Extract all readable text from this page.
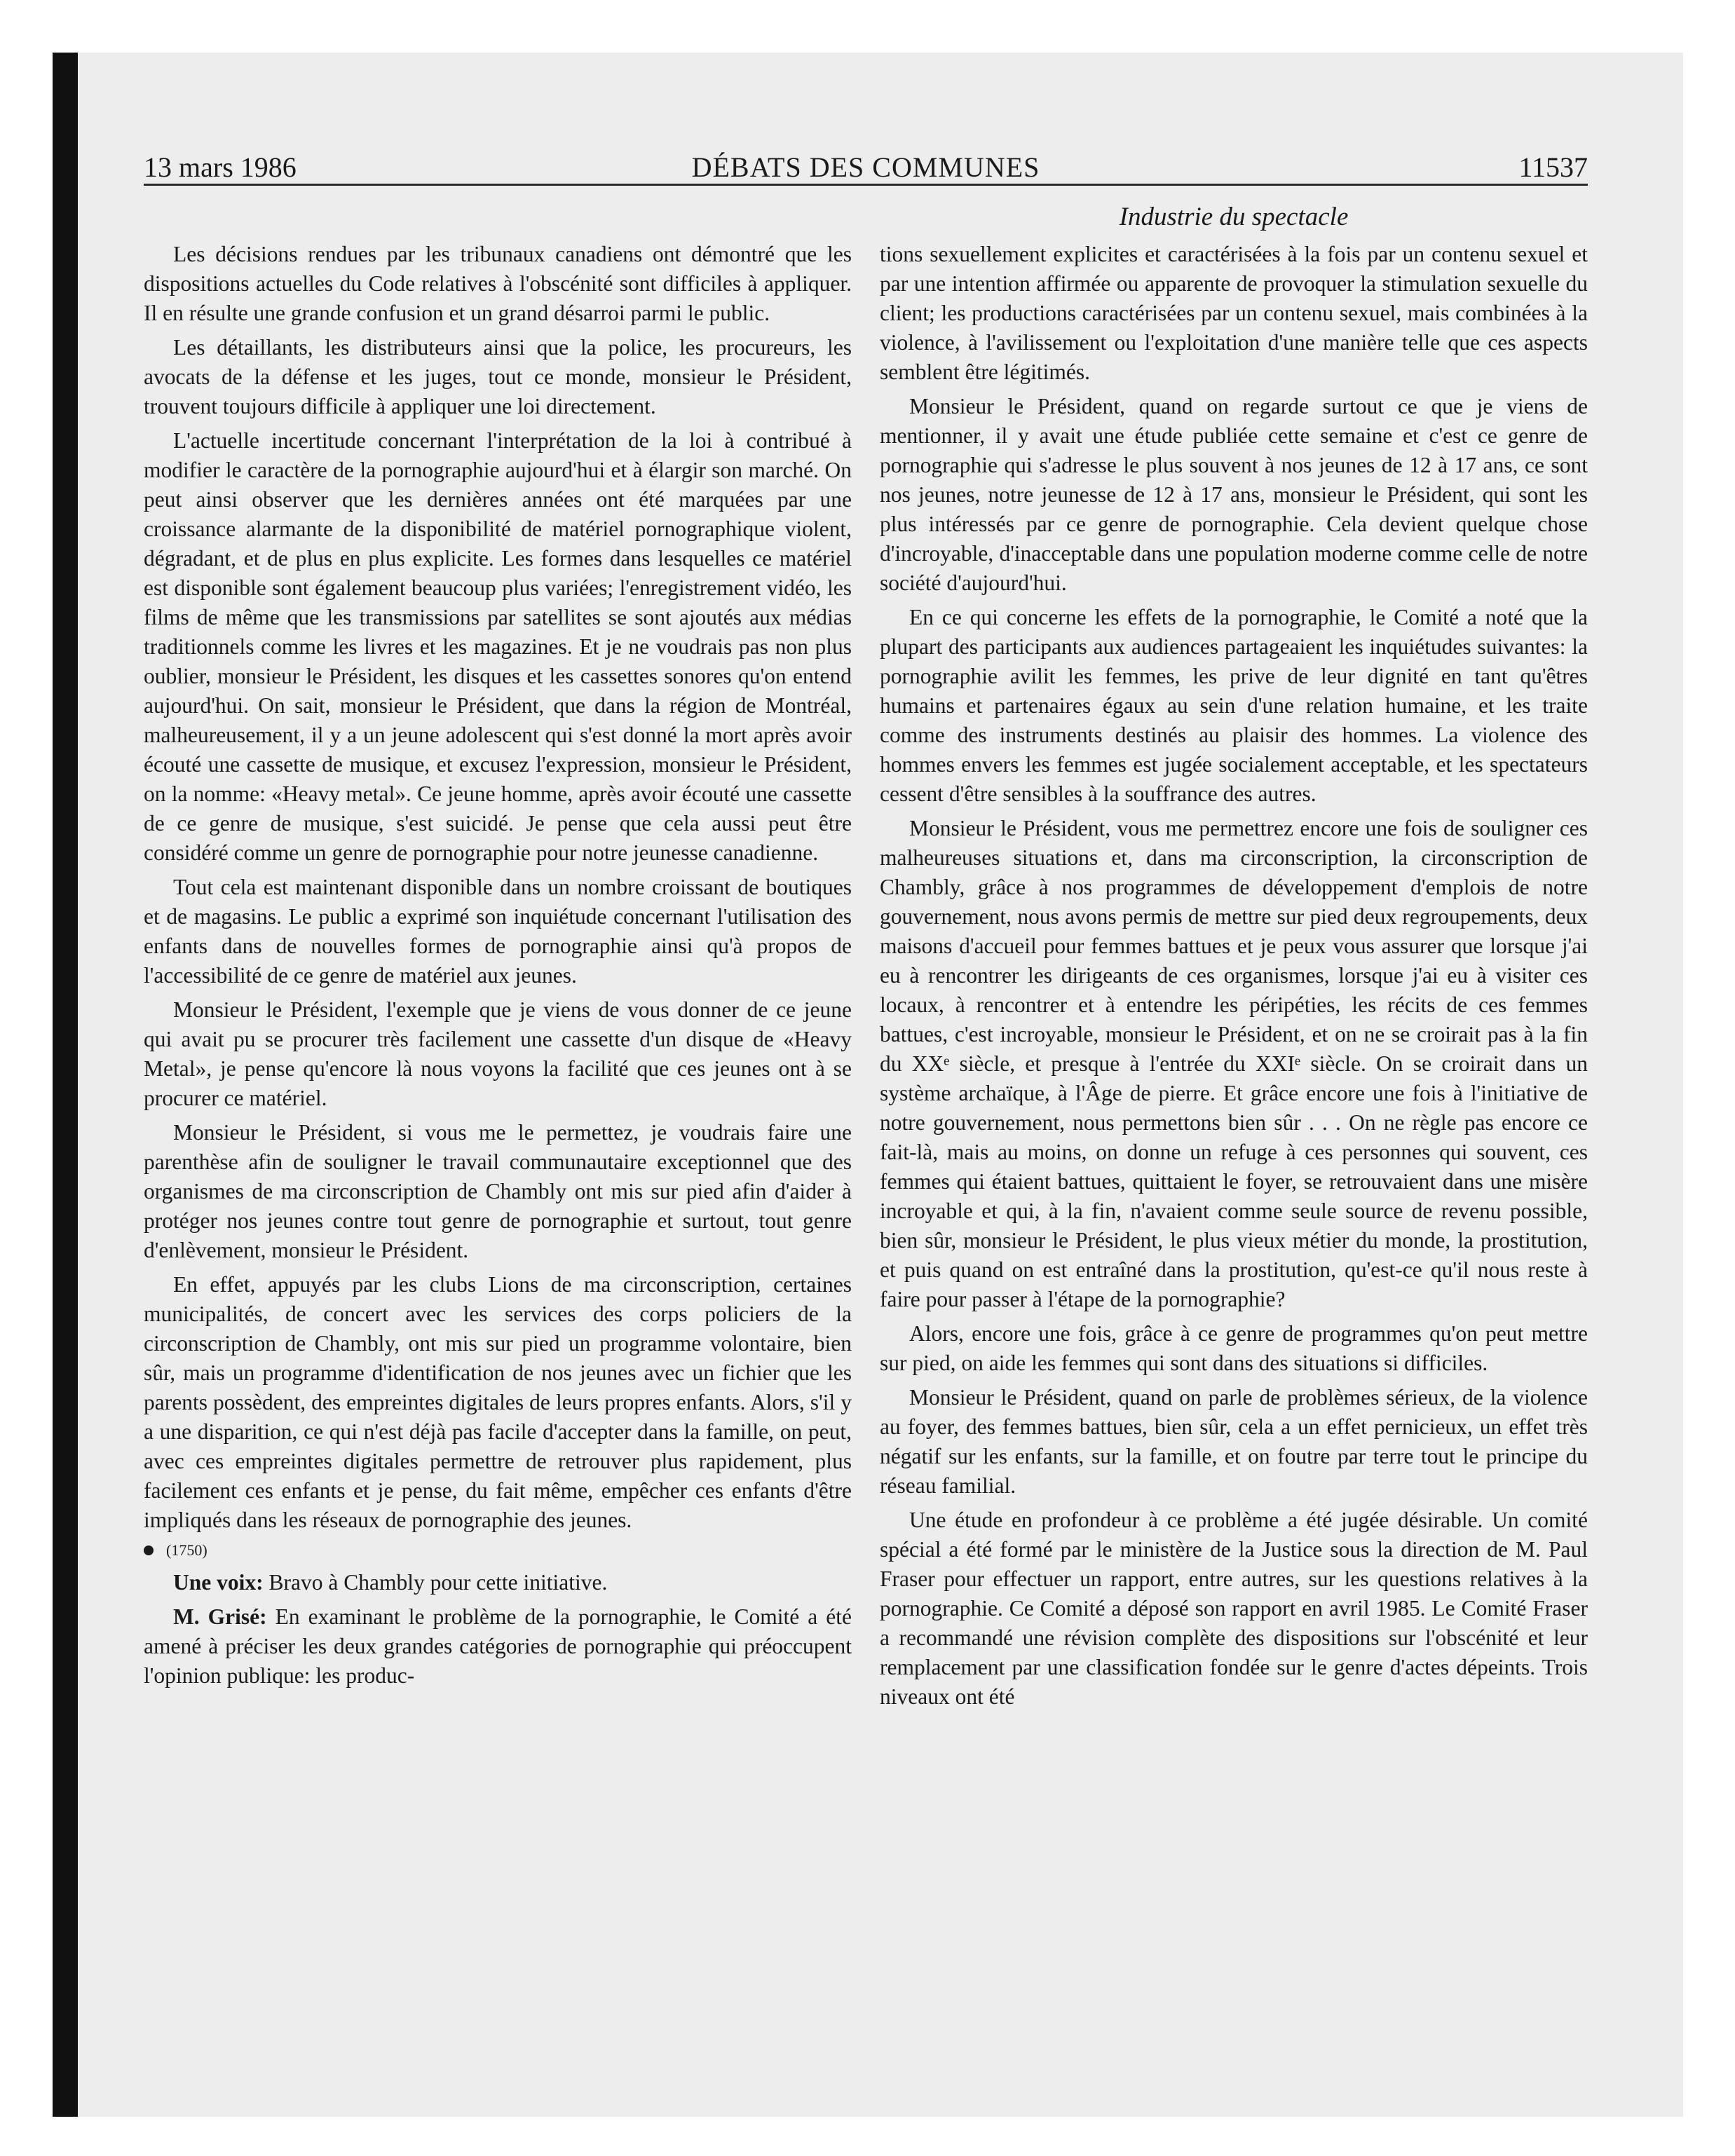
13 mars 1986	DÉBATS DES COMMUNES	11537
Industrie du spectacle

Les décisions rendues par les tribunaux canadiens ont démontré que les dispositions actuelles du Code relatives à l'obscénité sont difficiles à appliquer. Il en résulte une grande confusion et un grand désarroi parmi le public.

Les détaillants, les distributeurs ainsi que la police, les procureurs, les avocats de la défense et les juges, tout ce monde, monsieur le Président, trouvent toujours difficile à appliquer une loi directement.

L'actuelle incertitude concernant l'interprétation de la loi à contribué à modifier le caractère de la pornographie aujourd'hui et à élargir son marché. On peut ainsi observer que les dernières années ont été marquées par une croissance alarmante de la disponibilité de matériel pornographique violent, dégradant, et de plus en plus explicite. Les formes dans lesquelles ce matériel est disponible sont également beaucoup plus variées; l'enregistrement vidéo, les films de même que les transmissions par satellites se sont ajoutés aux médias traditionnels comme les livres et les magazines. Et je ne voudrais pas non plus oublier, monsieur le Président, les disques et les cassettes sonores qu'on entend aujourd'hui. On sait, monsieur le Président, que dans la région de Montréal, malheureusement, il y a un jeune adolescent qui s'est donné la mort après avoir écouté une cassette de musique, et excusez l'expression, monsieur le Président, on la nomme: «Heavy metal». Ce jeune homme, après avoir écouté une cassette de ce genre de musique, s'est suicidé. Je pense que cela aussi peut être considéré comme un genre de pornographie pour notre jeunesse canadienne.

Tout cela est maintenant disponible dans un nombre croissant de boutiques et de magasins. Le public a exprimé son inquiétude concernant l'utilisation des enfants dans de nouvelles formes de pornographie ainsi qu'à propos de l'accessibilité de ce genre de matériel aux jeunes.

Monsieur le Président, l'exemple que je viens de vous donner de ce jeune qui avait pu se procurer très facilement une cassette d'un disque de «Heavy Metal», je pense qu'encore là nous voyons la facilité que ces jeunes ont à se procurer ce matériel.

Monsieur le Président, si vous me le permettez, je voudrais faire une parenthèse afin de souligner le travail communautaire exceptionnel que des organismes de ma circonscription de Chambly ont mis sur pied afin d'aider à protéger nos jeunes contre tout genre de pornographie et surtout, tout genre d'enlèvement, monsieur le Président.

En effet, appuyés par les clubs Lions de ma circonscription, certaines municipalités, de concert avec les services des corps policiers de la circonscription de Chambly, ont mis sur pied un programme volontaire, bien sûr, mais un programme d'identification de nos jeunes avec un fichier que les parents possèdent, des empreintes digitales de leurs propres enfants. Alors, s'il y a une disparition, ce qui n'est déjà pas facile d'accepter dans la famille, on peut, avec ces empreintes digitales permettre de retrouver plus rapidement, plus facilement ces enfants et je pense, du fait même, empêcher ces enfants d'être impliqués dans les réseaux de pornographie des jeunes.

(1750)

Une voix: Bravo à Chambly pour cette initiative.

M. Grisé: En examinant le problème de la pornographie, le Comité a été amené à préciser les deux grandes catégories de pornographie qui préoccupent l'opinion publique: les produc-

tions sexuellement explicites et caractérisées à la fois par un contenu sexuel et par une intention affirmée ou apparente de provoquer la stimulation sexuelle du client; les productions caractérisées par un contenu sexuel, mais combinées à la violence, à l'avilissement ou l'exploitation d'une manière telle que ces aspects semblent être légitimés.

Monsieur le Président, quand on regarde surtout ce que je viens de mentionner, il y avait une étude publiée cette semaine et c'est ce genre de pornographie qui s'adresse le plus souvent à nos jeunes de 12 à 17 ans, ce sont nos jeunes, notre jeunesse de 12 à 17 ans, monsieur le Président, qui sont les plus intéressés par ce genre de pornographie. Cela devient quelque chose d'incroyable, d'inacceptable dans une population moderne comme celle de notre société d'aujourd'hui.

En ce qui concerne les effets de la pornographie, le Comité a noté que la plupart des participants aux audiences partageaient les inquiétudes suivantes: la pornographie avilit les femmes, les prive de leur dignité en tant qu'êtres humains et partenaires égaux au sein d'une relation humaine, et les traite comme des instruments destinés au plaisir des hommes. La violence des hommes envers les femmes est jugée socialement acceptable, et les spectateurs cessent d'être sensibles à la souffrance des autres.

Monsieur le Président, vous me permettrez encore une fois de souligner ces malheureuses situations et, dans ma circonscription, la circonscription de Chambly, grâce à nos programmes de développement d'emplois de notre gouvernement, nous avons permis de mettre sur pied deux regroupements, deux maisons d'accueil pour femmes battues et je peux vous assurer que lorsque j'ai eu à rencontrer les dirigeants de ces organismes, lorsque j'ai eu à visiter ces locaux, à rencontrer et à entendre les péripéties, les récits de ces femmes battues, c'est incroyable, monsieur le Président, et on ne se croirait pas à la fin du XXᵉ siècle, et presque à l'entrée du XXIᵉ siècle. On se croirait dans un système archaïque, à l'Âge de pierre. Et grâce encore une fois à l'initiative de notre gouvernement, nous permettons bien sûr . . . On ne règle pas encore ce fait-là, mais au moins, on donne un refuge à ces personnes qui souvent, ces femmes qui étaient battues, quittaient le foyer, se retrouvaient dans une misère incroyable et qui, à la fin, n'avaient comme seule source de revenu possible, bien sûr, monsieur le Président, le plus vieux métier du monde, la prostitution, et puis quand on est entraîné dans la prostitution, qu'est-ce qu'il nous reste à faire pour passer à l'étape de la pornographie?

Alors, encore une fois, grâce à ce genre de programmes qu'on peut mettre sur pied, on aide les femmes qui sont dans des situations si difficiles.

Monsieur le Président, quand on parle de problèmes sérieux, de la violence au foyer, des femmes battues, bien sûr, cela a un effet pernicieux, un effet très négatif sur les enfants, sur la famille, et on foutre par terre tout le principe du réseau familial.

Une étude en profondeur à ce problème a été jugée désirable. Un comité spécial a été formé par le ministère de la Justice sous la direction de M. Paul Fraser pour effectuer un rapport, entre autres, sur les questions relatives à la pornographie. Ce Comité a déposé son rapport en avril 1985. Le Comité Fraser a recommandé une révision complète des dispositions sur l'obscénité et leur remplacement par une classification fondée sur le genre d'actes dépeints. Trois niveaux ont été
